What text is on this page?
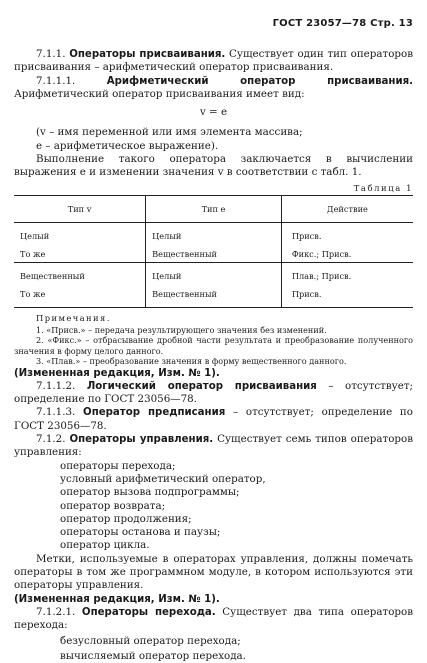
ГОСТ 23057—78 Стр. 13

7.1.1. Операторы присваивания. Существует один тип операторов присваивания – арифметический оператор присваивания.

7.1.1.1.	Арифметический оператор присваивания. Арифметический оператор присваивания имеет вид:

v = e

(v – имя переменной или имя элемента массива;

e – арифметическое выражение).

Выполнение такого оператора заключается в вычислении выражения e и изменении значения v в соответствии с табл. 1.

Таблица 1
Тип v	Тип e	Действие
Целый	Целый	Присв.
То же	Вещественный	Фикс.; Присв.
Вещественный	Целый	Плав.; Присв.
То же	Вещественный	Присв.

Примечания.

1. «Присв.» – передача результирующего значения без изменений.

2. «Фикс.» – отбрасывание дробной части результата и преобразование полученного значения в форму целого данного.

3. «Плав.» – преобразование значения в форму вещественного данного.

(Измененная редакция, Изм. № 1).

7.1.1.2. Логический оператор присваивания – отсутствует; определение по ГОСТ 23056—78.

7.1.1.3. Оператор предписания – отсутствует; определение по ГОСТ 23056—78.

7.1.2. Операторы управления. Существует семь типов операторов управления:

операторы перехода;

условный арифметический оператор,

оператор вызова подпрограммы;

оператор возврата;

оператор продолжения;

операторы останова и паузы;

оператор цикла.

Метки, используемые в операторах управления, должны помечать операторы в том же программном модуле, в котором используются эти операторы управления.

(Измененная редакция, Изм. № 1).

7.1.2.1. Операторы перехода. Существует два типа операторов перехода:

безусловный оператор перехода;

вычисляемый оператор перехода.
